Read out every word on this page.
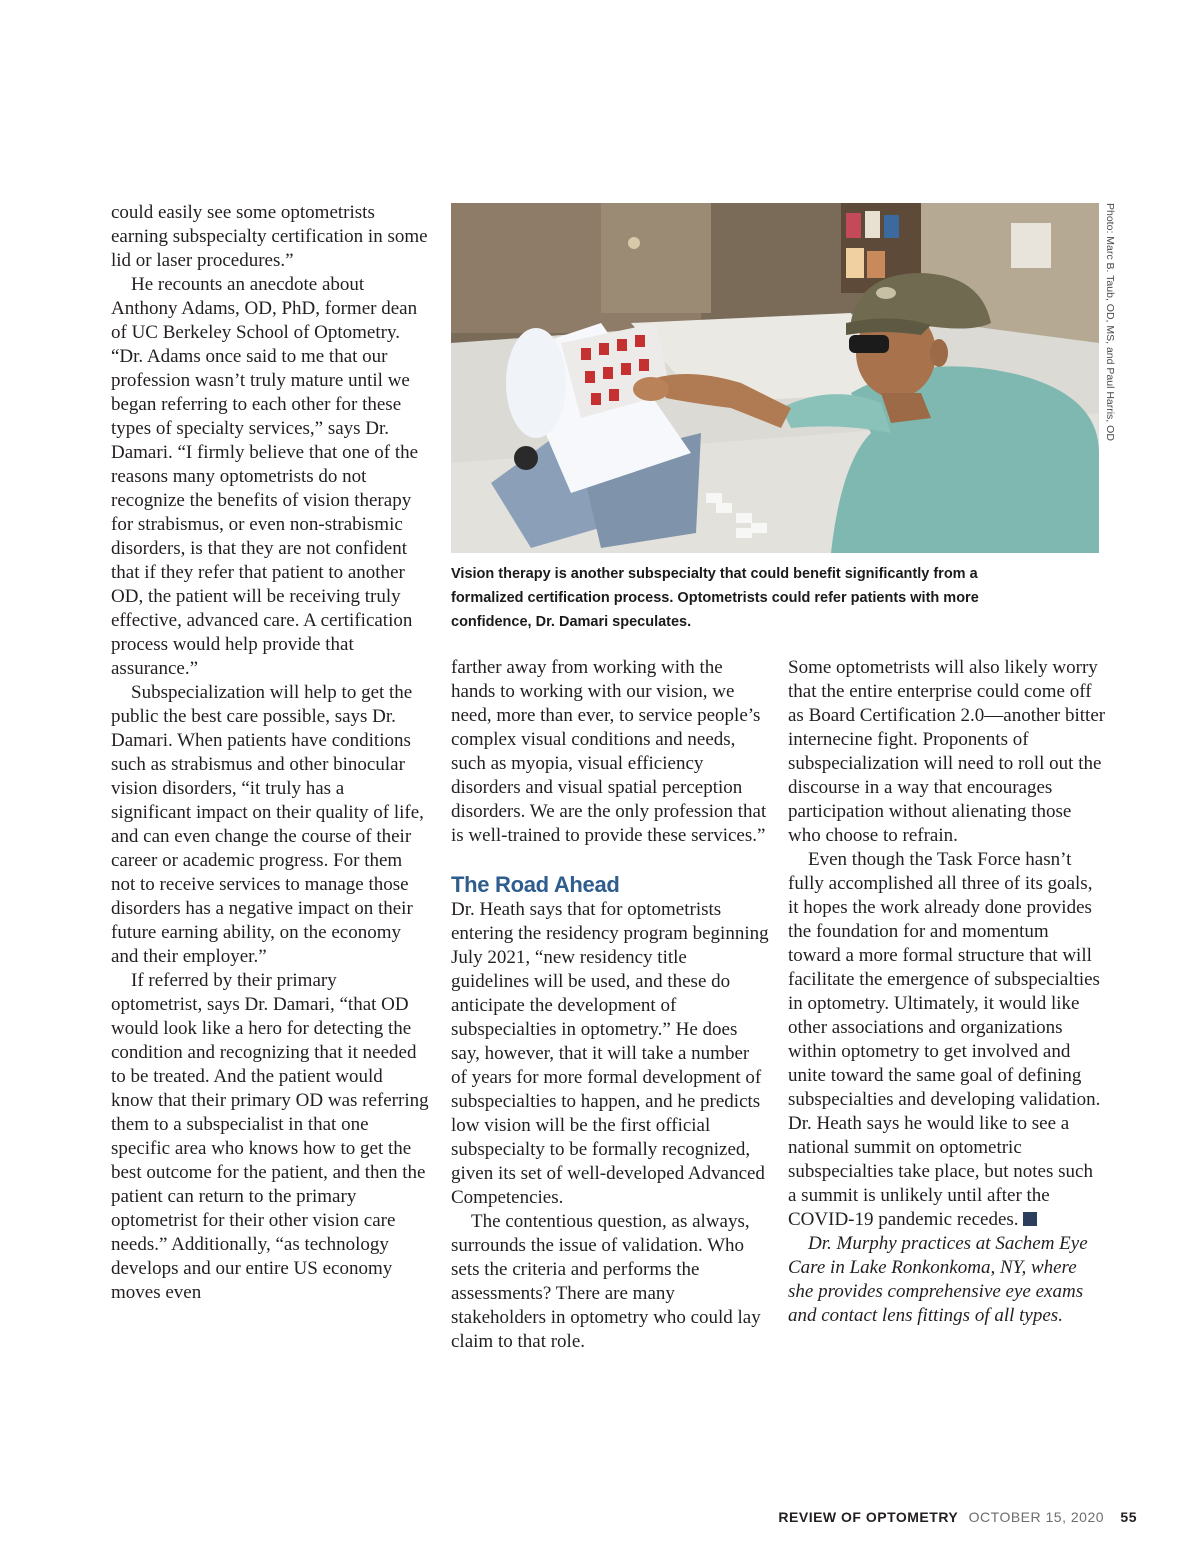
could easily see some optometrists earning subspecialty certification in some lid or laser procedures.”

He recounts an anecdote about Anthony Adams, OD, PhD, former dean of UC Berkeley School of Optometry. “Dr. Adams once said to me that our profession wasn’t truly mature until we began referring to each other for these types of specialty services,” says Dr. Damari. “I firmly believe that one of the reasons many optometrists do not recognize the benefits of vision therapy for strabismus, or even non-strabismic disorders, is that they are not confident that if they refer that patient to another OD, the patient will be receiving truly effective, advanced care. A certification process would help provide that assurance.”

Subspecialization will help to get the public the best care possible, says Dr. Damari. When patients have conditions such as strabismus and other binocular vision disorders, “it truly has a significant impact on their quality of life, and can even change the course of their career or academic progress. For them not to receive services to manage those disorders has a negative impact on their future earning ability, on the economy and their employer.”

If referred by their primary optometrist, says Dr. Damari, “that OD would look like a hero for detecting the condition and recognizing that it needed to be treated. And the patient would know that their primary OD was referring them to a subspecialist in that one specific area who knows how to get the best outcome for the patient, and then the patient can return to the primary optometrist for their other vision care needs.” Additionally, “as technology develops and our entire US economy moves even

Photo: Marc B. Taub, OD, MS, and Paul Harris, OD
Vision therapy is another subspecialty that could benefit significantly from a formalized certification process. Optometrists could refer patients with more confidence, Dr. Damari speculates.

farther away from working with the hands to working with our vision, we need, more than ever, to service people’s complex visual conditions and needs, such as myopia, visual efficiency disorders and visual spatial perception disorders. We are the only profession that is well-trained to provide these services.”

The Road Ahead

Dr. Heath says that for optometrists entering the residency program beginning July 2021, “new residency title guidelines will be used, and these do anticipate the development of subspecialties in optometry.” He does say, however, that it will take a number of years for more formal development of subspecialties to happen, and he predicts low vision will be the first official subspecialty to be formally recognized, given its set of well-developed Advanced Competencies.

The contentious question, as always, surrounds the issue of validation. Who sets the criteria and performs the assessments? There are many stakeholders in optometry who could lay claim to that role.

Some optometrists will also likely worry that the entire enterprise could come off as Board Certification 2.0—another bitter internecine fight. Proponents of subspecialization will need to roll out the discourse in a way that encourages participation without alienating those who choose to refrain.

Even though the Task Force hasn’t fully accomplished all three of its goals, it hopes the work already done provides the foundation for and momentum toward a more formal structure that will facilitate the emergence of subspecialties in optometry. Ultimately, it would like other associations and organizations within optometry to get involved and unite toward the same goal of defining subspecialties and developing validation. Dr. Heath says he would like to see a national summit on optometric subspecialties take place, but notes such a summit is unlikely until after the COVID-19 pandemic recedes.

Dr. Murphy practices at Sachem Eye Care in Lake Ronkonkoma, NY, where she provides comprehensive eye exams and contact lens fittings of all types.

REVIEW OF OPTOMETRY OCTOBER 15, 2020 55
